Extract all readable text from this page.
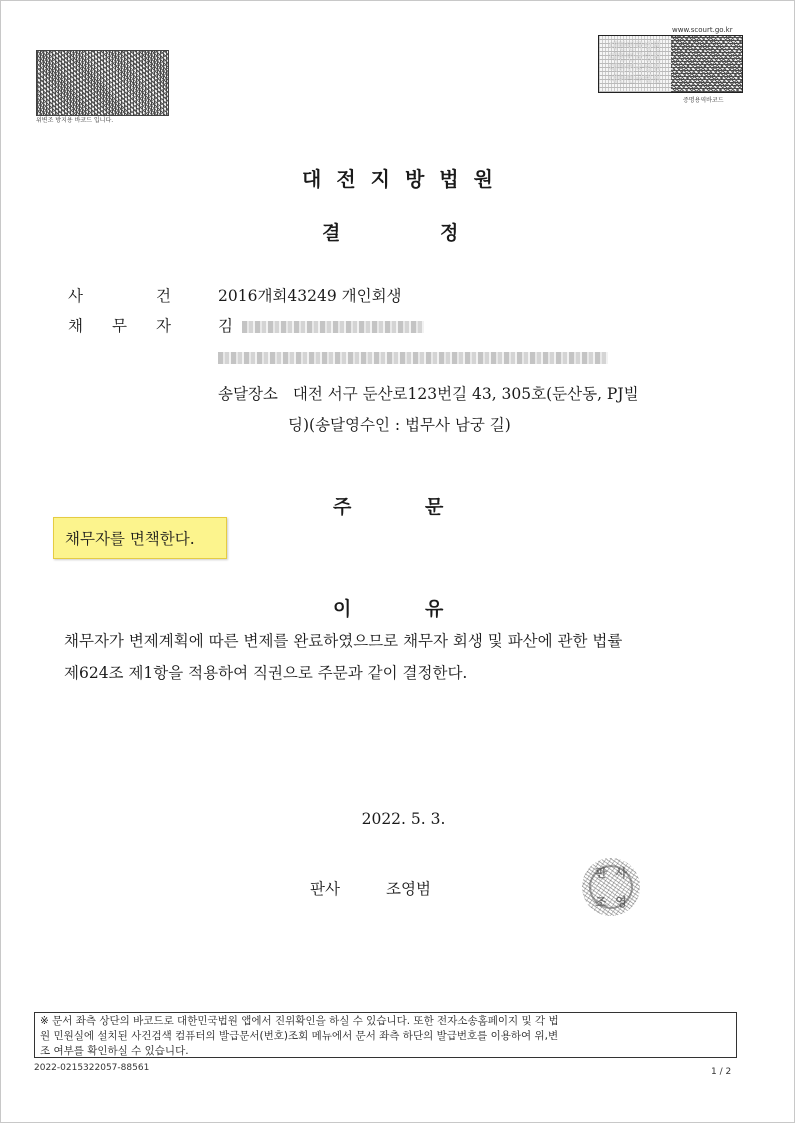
위변조 방지용 바코드 입니다.
www.scourt.go.kr
대한민국법원
대한민국법원
대한민국법원
대한민국법원
증명용역바코드
대전지방법원
결	정
사	건	2016개회43249 개인회생
채 무 자	김
송달장소 대전 서구 둔산로123번길 43, 305호(둔산동, PJ빌
딩)(송달영수인 : 법무사 남궁 길)
주	문
채무자를 면책한다.
이	유
채무자가 변제계획에 따른 변제를 완료하였으므로 채무자 회생 및 파산에 관한 법률
제624조 제1항을 적용하여 직권으로 주문과 같이 결정한다.
2022. 5. 3.
판사	조영범
판 사
조 영
※ 문서 좌측 상단의 바코드로 대한민국법원 앱에서 진위확인을 하실 수 있습니다. 또한 전자소송홈페이지 및 각 법
원 민원실에 설치된 사건검색 컴퓨터의 발급문서(번호)조회 메뉴에서 문서 좌측 하단의 발급번호를 이용하여 위,변
조 여부를 확인하실 수 있습니다.
2022-0215322057-88561	1 / 2
